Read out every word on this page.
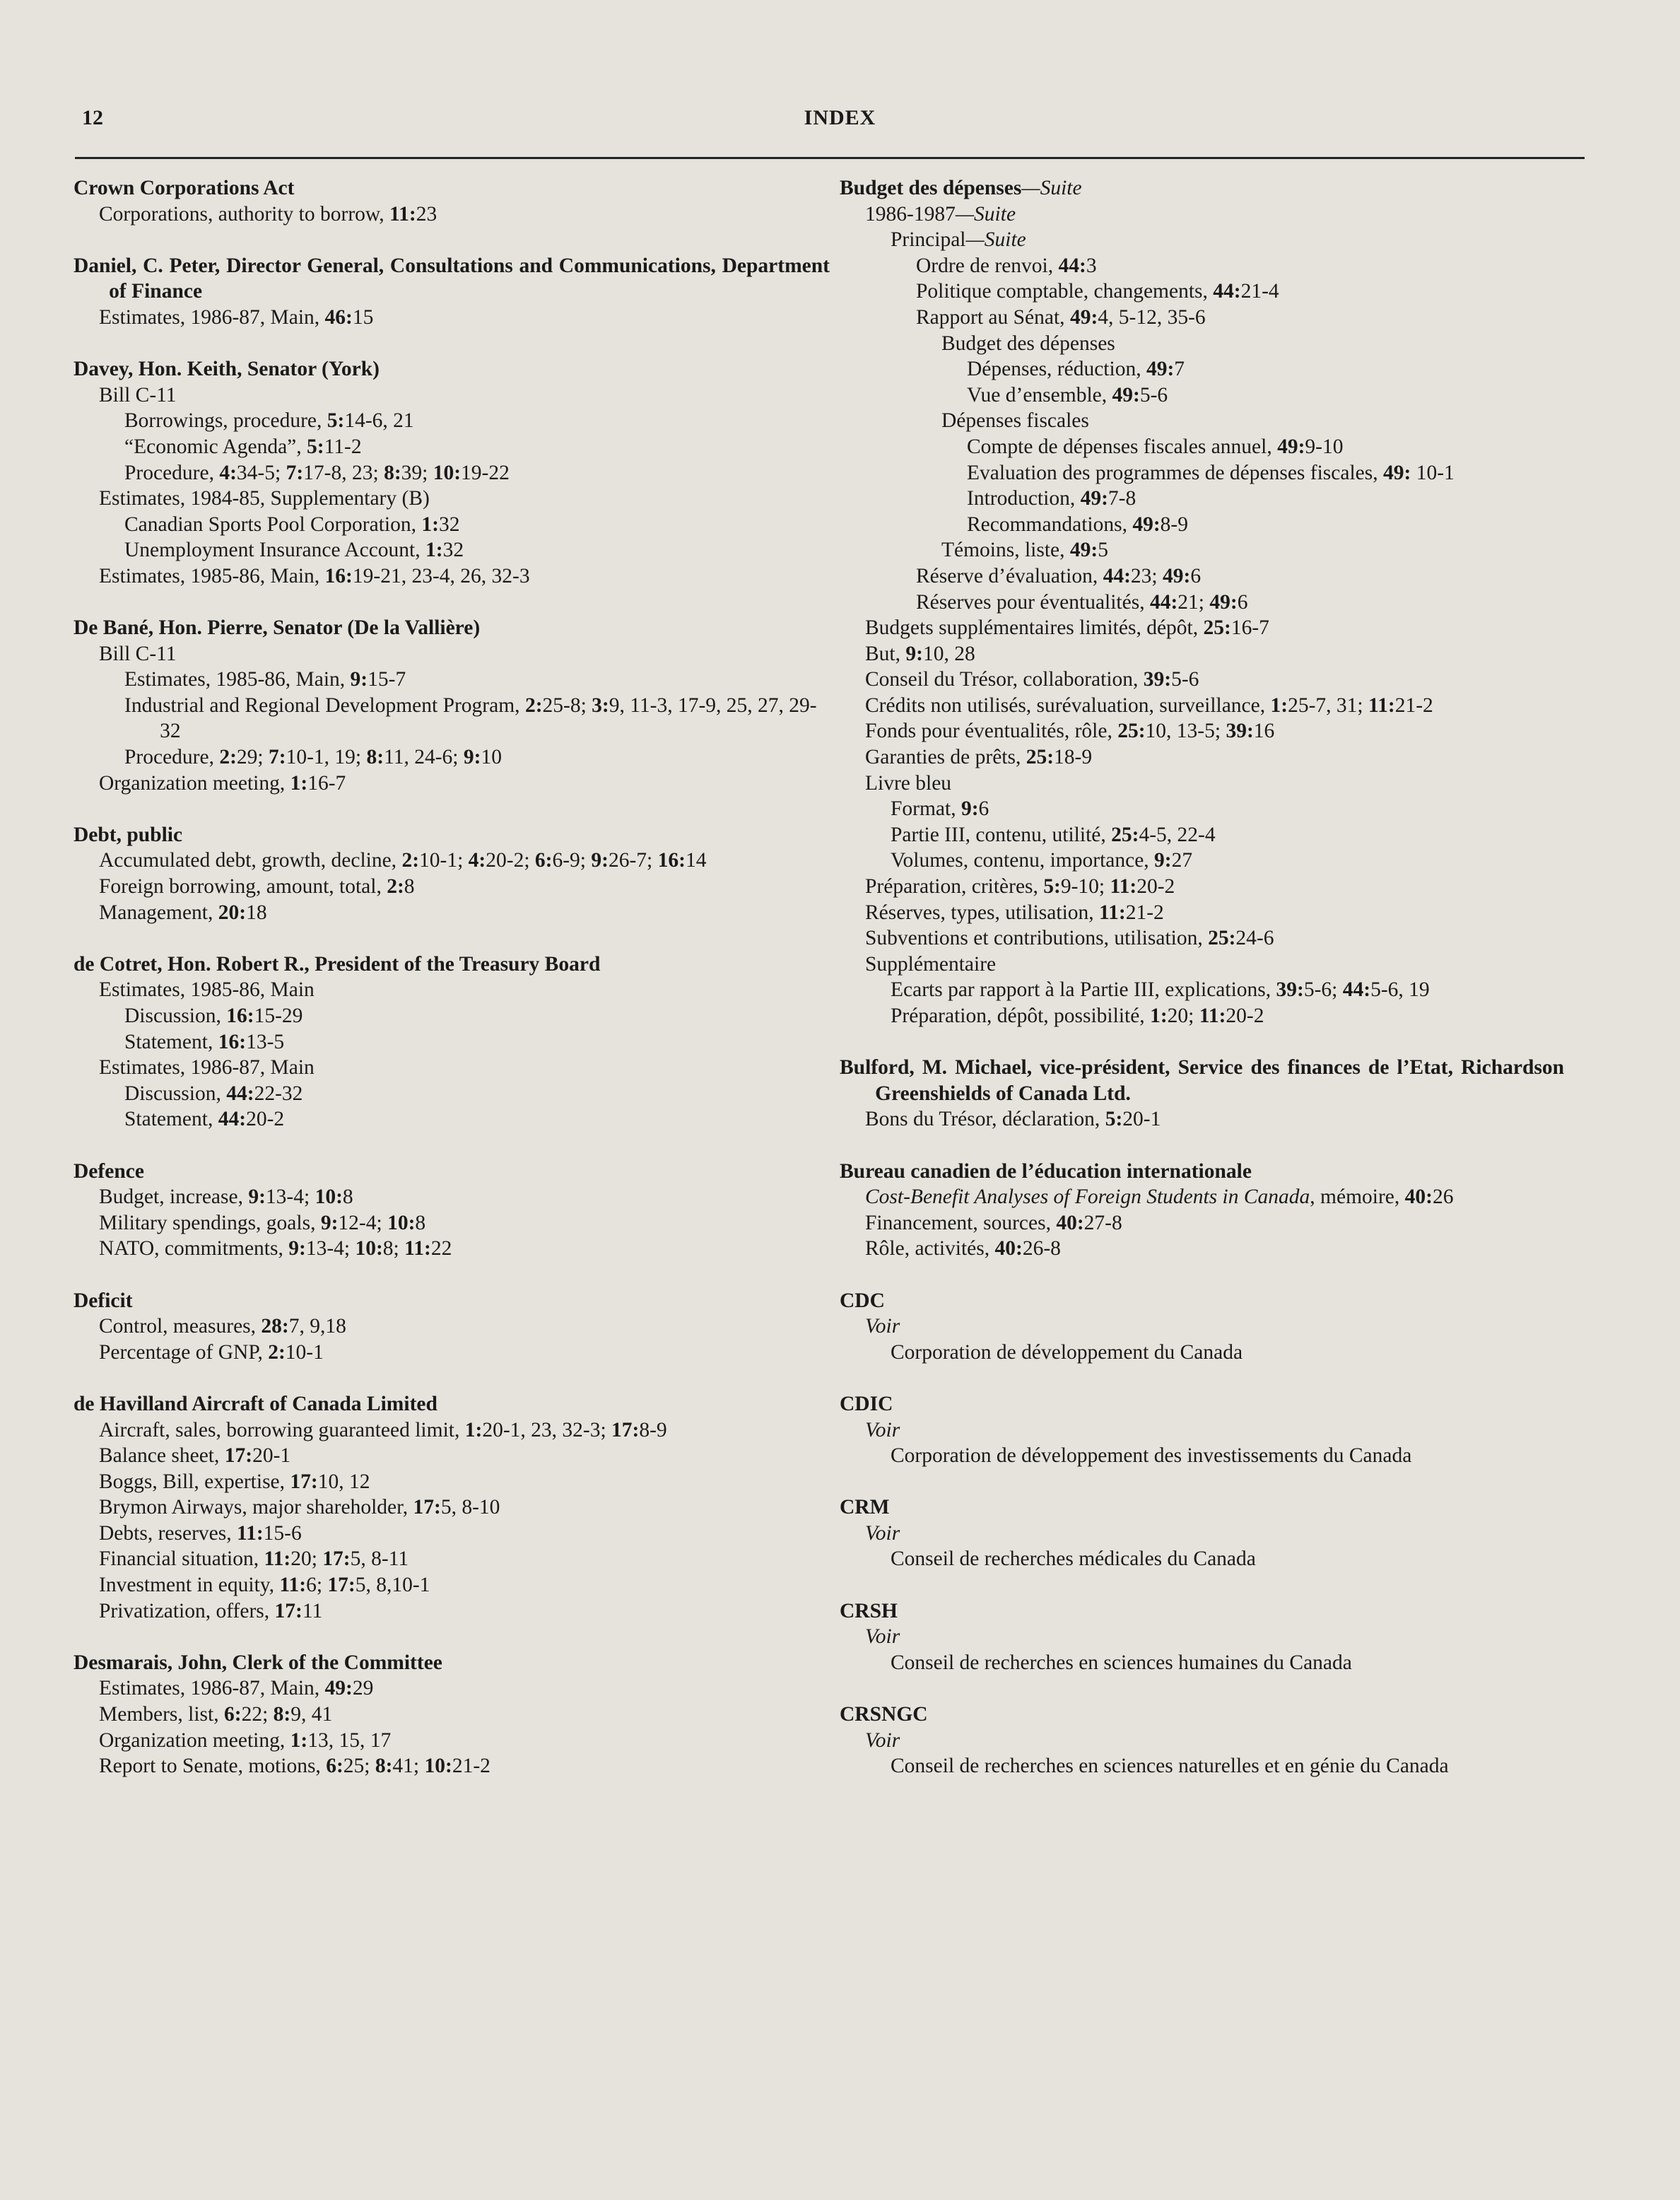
12	INDEX
Crown Corporations Act
Corporations, authority to borrow, 11:23
Daniel, C. Peter, Director General, Consultations and Communications, Department of Finance
Estimates, 1986-87, Main, 46:15
Davey, Hon. Keith, Senator (York)
Bill C-11
Borrowings, procedure, 5:14-6, 21
“Economic Agenda”, 5:11-2
Procedure, 4:34-5; 7:17-8, 23; 8:39; 10:19-22
Estimates, 1984-85, Supplementary (B)
Canadian Sports Pool Corporation, 1:32
Unemployment Insurance Account, 1:32
Estimates, 1985-86, Main, 16:19-21, 23-4, 26, 32-3
De Bané, Hon. Pierre, Senator (De la Vallière)
Bill C-11
Estimates, 1985-86, Main, 9:15-7
Industrial and Regional Development Program, 2:25-8; 3:9, 11-3, 17-9, 25, 27, 29-32
Procedure, 2:29; 7:10-1, 19; 8:11, 24-6; 9:10
Organization meeting, 1:16-7
Debt, public
Accumulated debt, growth, decline, 2:10-1; 4:20-2; 6:6-9; 9:26-7; 16:14
Foreign borrowing, amount, total, 2:8
Management, 20:18
de Cotret, Hon. Robert R., President of the Treasury Board
Estimates, 1985-86, Main
Discussion, 16:15-29
Statement, 16:13-5
Estimates, 1986-87, Main
Discussion, 44:22-32
Statement, 44:20-2
Defence
Budget, increase, 9:13-4; 10:8
Military spendings, goals, 9:12-4; 10:8
NATO, commitments, 9:13-4; 10:8; 11:22
Deficit
Control, measures, 28:7, 9,18
Percentage of GNP, 2:10-1
de Havilland Aircraft of Canada Limited
Aircraft, sales, borrowing guaranteed limit, 1:20-1, 23, 32-3; 17:8-9
Balance sheet, 17:20-1
Boggs, Bill, expertise, 17:10, 12
Brymon Airways, major shareholder, 17:5, 8-10
Debts, reserves, 11:15-6
Financial situation, 11:20; 17:5, 8-11
Investment in equity, 11:6; 17:5, 8,10-1
Privatization, offers, 17:11
Desmarais, John, Clerk of the Committee
Estimates, 1986-87, Main, 49:29
Members, list, 6:22; 8:9, 41
Organization meeting, 1:13, 15, 17
Report to Senate, motions, 6:25; 8:41; 10:21-2
Budget des dépenses—Suite
1986-1987—Suite
Principal—Suite
Ordre de renvoi, 44:3
Politique comptable, changements, 44:21-4
Rapport au Sénat, 49:4, 5-12, 35-6
Budget des dépenses
Dépenses, réduction, 49:7
Vue d’ensemble, 49:5-6
Dépenses fiscales
Compte de dépenses fiscales annuel, 49:9-10
Evaluation des programmes de dépenses fiscales, 49: 10-1
Introduction, 49:7-8
Recommandations, 49:8-9
Témoins, liste, 49:5
Réserve d’évaluation, 44:23; 49:6
Réserves pour éventualités, 44:21; 49:6
Budgets supplémentaires limités, dépôt, 25:16-7
But, 9:10, 28
Conseil du Trésor, collaboration, 39:5-6
Crédits non utilisés, surévaluation, surveillance, 1:25-7, 31; 11:21-2
Fonds pour éventualités, rôle, 25:10, 13-5; 39:16
Garanties de prêts, 25:18-9
Livre bleu
Format, 9:6
Partie III, contenu, utilité, 25:4-5, 22-4
Volumes, contenu, importance, 9:27
Préparation, critères, 5:9-10; 11:20-2
Réserves, types, utilisation, 11:21-2
Subventions et contributions, utilisation, 25:24-6
Supplémentaire
Ecarts par rapport à la Partie III, explications, 39:5-6; 44:5-6, 19
Préparation, dépôt, possibilité, 1:20; 11:20-2
Bulford, M. Michael, vice-président, Service des finances de l’Etat, Richardson Greenshields of Canada Ltd.
Bons du Trésor, déclaration, 5:20-1
Bureau canadien de l’éducation internationale
Cost-Benefit Analyses of Foreign Students in Canada, mémoire, 40:26
Financement, sources, 40:27-8
Rôle, activités, 40:26-8
CDC
Voir
Corporation de développement du Canada
CDIC
Voir
Corporation de développement des investissements du Canada
CRM
Voir
Conseil de recherches médicales du Canada
CRSH
Voir
Conseil de recherches en sciences humaines du Canada
CRSNGC
Voir
Conseil de recherches en sciences naturelles et en génie du Canada
